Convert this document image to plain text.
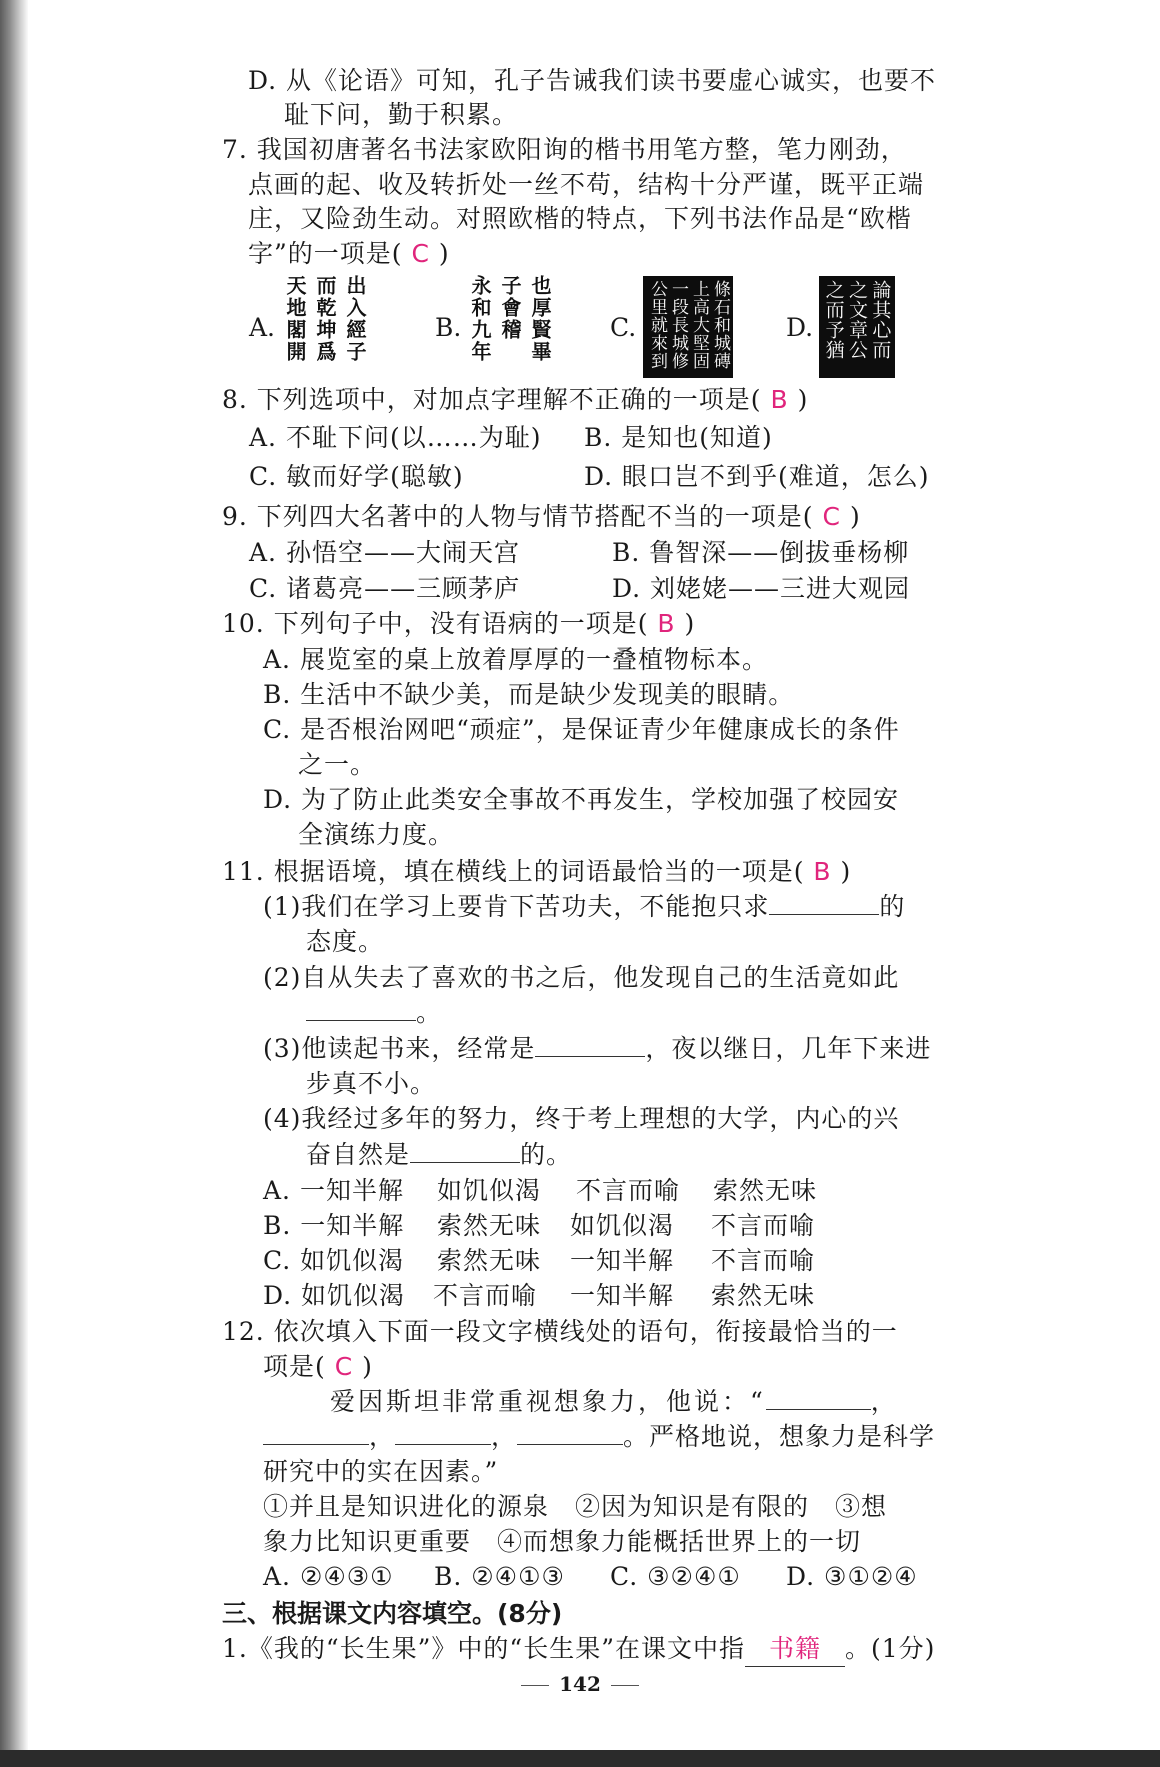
D. 从《论语》可知，孔子告诫我们读书要虚心诚实，也要不
耻下问，勤于积累。
7. 我国初唐著名书法家欧阳询的楷书用笔方整，笔力刚劲，
点画的起、收及转折处一丝不苟，结构十分严谨，既平正端
庄，又险劲生动。对照欧楷的特点，下列书法作品是“欧楷
字”的一项是( C )
A. 天地閣開 而乾坤爲 出入經子	B. 永和九年 子會稽 也厚賢畢 C. 公里就來到 一段長城修 上高大堅固 條石和城磚 D. 之而予猶 之文章公 論其心而
8. 下列选项中，对加点字理解不正确的一项是( B )
A. 不耻下问(以……为耻) B. 是知也(知道)
C. 敏而好学(聪敏)	D. 眼口岂不到乎(难道，怎么)
9. 下列四大名著中的人物与情节搭配不当的一项是( C )
A. 孙悟空——大闹天宫	B. 鲁智深——倒拔垂杨柳
C. 诸葛亮——三顾茅庐	D. 刘姥姥——三进大观园
10. 下列句子中，没有语病的一项是( B )
A. 展览室的桌上放着厚厚的一叠植物标本。
B. 生活中不缺少美，而是缺少发现美的眼睛。
C. 是否根治网吧“顽症”，是保证青少年健康成长的条件
之一。
D. 为了防止此类安全事故不再发生，学校加强了校园安
全演练力度。
11. 根据语境，填在横线上的词语最恰当的一项是( B )
(1)我们在学习上要肯下苦功夫，不能抱只求	的
态度。
(2)自从失去了喜欢的书之后，他发现自己的生活竟如此
。
(3)他读起书来，经常是	，夜以继日，几年下来进
步真不小。
(4)我经过多年的努力，终于考上理想的大学，内心的兴
奋自然是	的。
A. 一知半解 如饥似渴 不言而喻 索然无味
B. 一知半解 索然无味 如饥似渴 不言而喻
C. 如饥似渴 索然无味 一知半解 不言而喻
D. 如饥似渴 不言而喻 一知半解 索然无味
12. 依次填入下面一段文字横线处的语句，衔接最恰当的一
项是( C )
爱因斯坦非常重视想象力，他说：“	，
，	，	。严格地说，想象力是科学
研究中的实在因素。”
①并且是知识进化的源泉　②因为知识是有限的　③想
象力比知识更重要　④而想象力能概括世界上的一切
A. ②④③① B. ②④①③ C. ③②④① D. ③①②④
三、根据课文内容填空。(8分)
1.《我的“长生果”》中的“长生果”在课文中指 书籍 。(1分)
142
